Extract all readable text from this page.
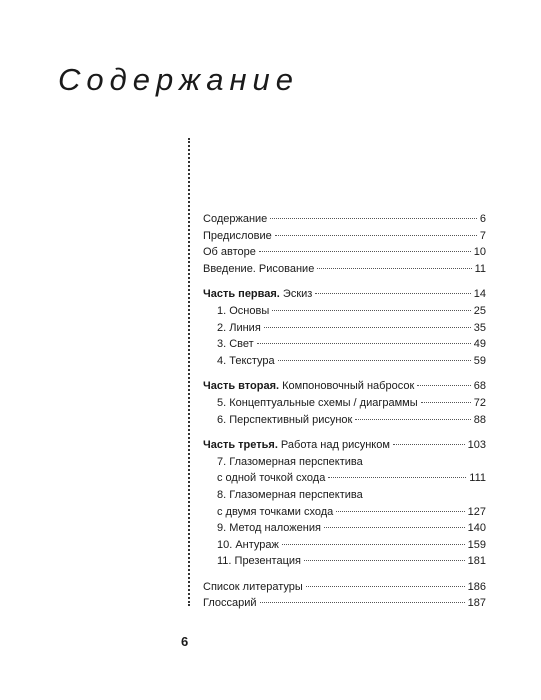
Содержание
Содержание	6
Предисловие	7
Об авторе	10
Введение. Рисование	11
Часть первая. Эскиз	14
1. Основы	25
2. Линия	35
3. Свет	49
4. Текстура	59
Часть вторая. Компоновочный набросок	68
5. Концептуальные схемы / диаграммы	72
6. Перспективный рисунок	88
Часть третья. Работа над рисунком	103
7. Глазомерная перспектива
с одной точкой схода	111
8. Глазомерная перспектива
с двумя точками схода	127
9. Метод наложения	140
10. Антураж	159
11. Презентация	181
Список литературы	186
Глоссарий	187
6
